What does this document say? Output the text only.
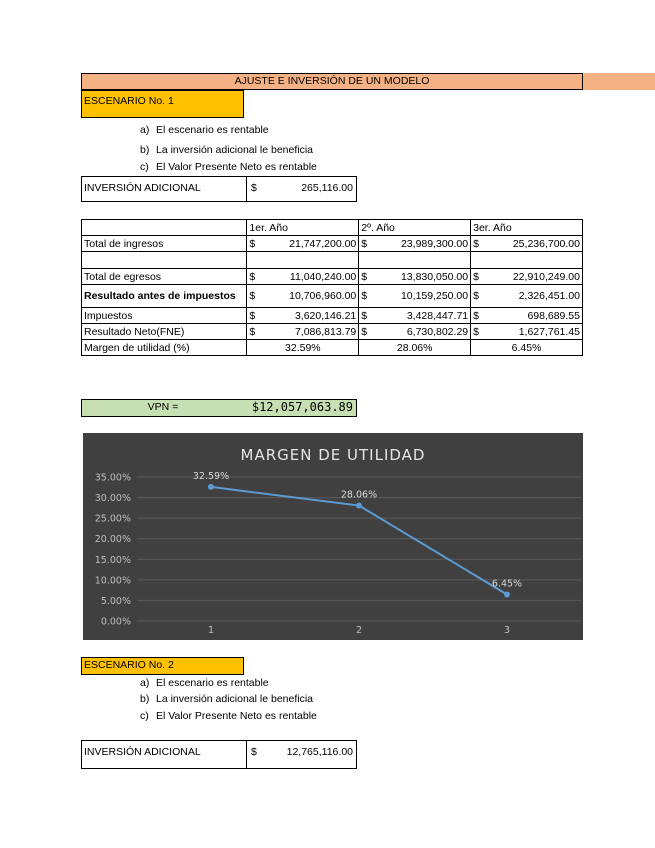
AJUSTE E INVERSIÓN DE UN MODELO
ESCENARIO No. 1
a) El escenario es rentable
b) La inversión adicional le beneficia
c) El Valor Presente Neto es rentable
INVERSIÓN ADICIONAL	$	265,116.00
	1er. Año	2º. Año	3er. Año
Total de ingresos	$ 21,747,200.00	$ 23,989,300.00	$ 25,236,700.00

Total de egresos	$ 11,040,240.00	$ 13,830,050.00	$ 22,910,249.00

Resultado antes de impuestos	$ 10,706,960.00	$ 10,159,250.00	$ 2,326,451.00

Impuestos	$ 3,620,146.21	$ 3,428,447.71	$ 698,689.55

Resultado Neto(FNE)	$ 7,086,813.79	$ 6,730,802.29	$ 1,627,761.45

Margen de utilidad (%)	32.59%	28.06%	6.45%
VPN =	$ 12,057,063.89
MARGEN DE UTILIDAD
0.00%
5.00%
10.00%
15.00%
20.00%
25.00%
30.00%
35.00%
1	2	3
32.59%
28.06%
6.45%
ESCENARIO No. 2
a) El escenario es rentable
b) La inversión adicional le beneficia
c) El Valor Presente Neto es rentable
INVERSIÓN ADICIONAL	$	12,765,116.00
